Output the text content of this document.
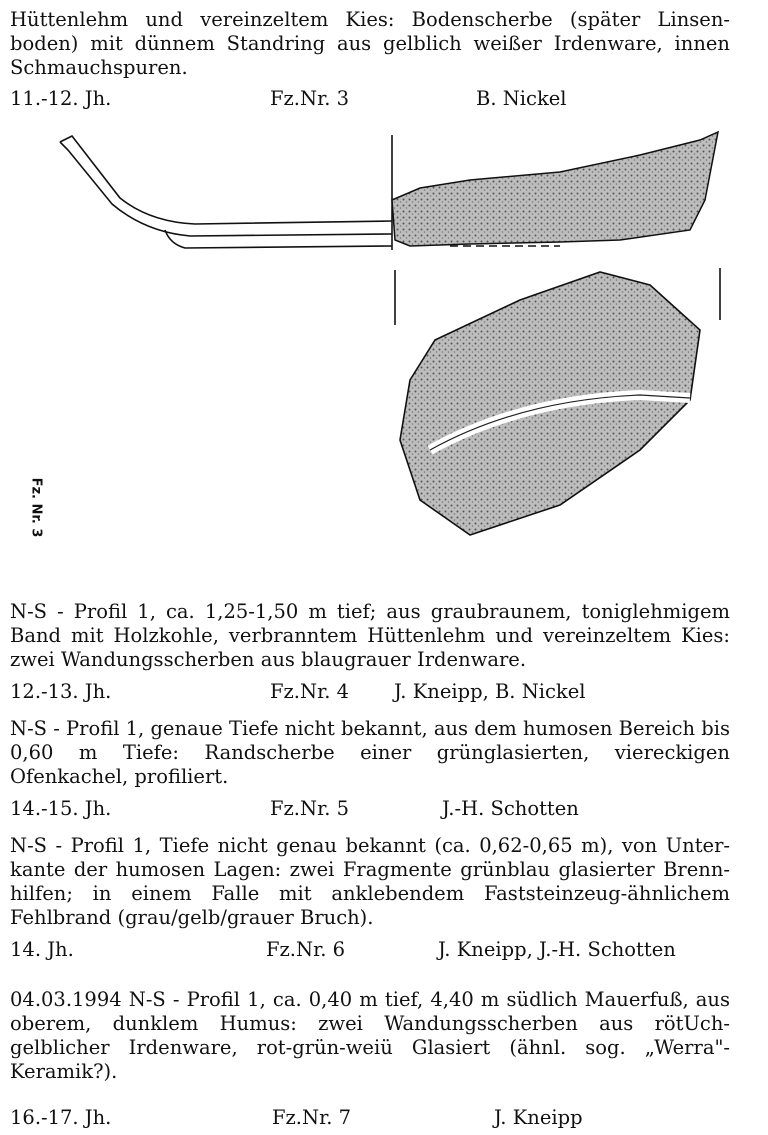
Hüttenlehm und vereinzeltem Kies: Bodenscherbe (später Linsen-boden) mit dünnem Standring aus gelblich weißer Irdenware, innen Schmauchspuren.

11.-12. Jh.	Fz.Nr. 3	B. Nickel
Fz. Nr. 3

N-S - Profil 1, ca. 1,25-1,50 m tief; aus graubraunem, toniglehmigem Band mit Holzkohle, verbranntem Hüttenlehm und vereinzeltem Kies: zwei Wandungsscherben aus blaugrauer Irdenware.

12.-13. Jh.	Fz.Nr. 4 J. Kneipp, B. Nickel

N-S - Profil 1, genaue Tiefe nicht bekannt, aus dem humosen Bereich bis 0,60 m Tiefe: Randscherbe einer grünglasierten, viereckigen Ofenkachel, profiliert.

14.-15. Jh.	Fz.Nr. 5	J.-H. Schotten

N-S - Profil 1, Tiefe nicht genau bekannt (ca. 0,62-0,65 m), von Unter-kante der humosen Lagen: zwei Fragmente grünblau glasierter Brenn-hilfen; in einem Falle mit anklebendem Faststeinzeug-ähnlichem Fehlbrand (grau/gelb/grauer Bruch).

14. Jh.	Fz.Nr. 6	J. Kneipp, J.-H. Schotten

04.03.1994 N-S - Profil 1, ca. 0,40 m tief, 4,40 m südlich Mauerfuß, aus oberem, dunklem Humus: zwei Wandungsscherben aus rötUch-gelblicher Irdenware, rot-grün-weiü Glasiert (ähnl. sog. „Werra"-Keramik?).

16.-17. Jh.	Fz.Nr. 7	J. Kneipp
